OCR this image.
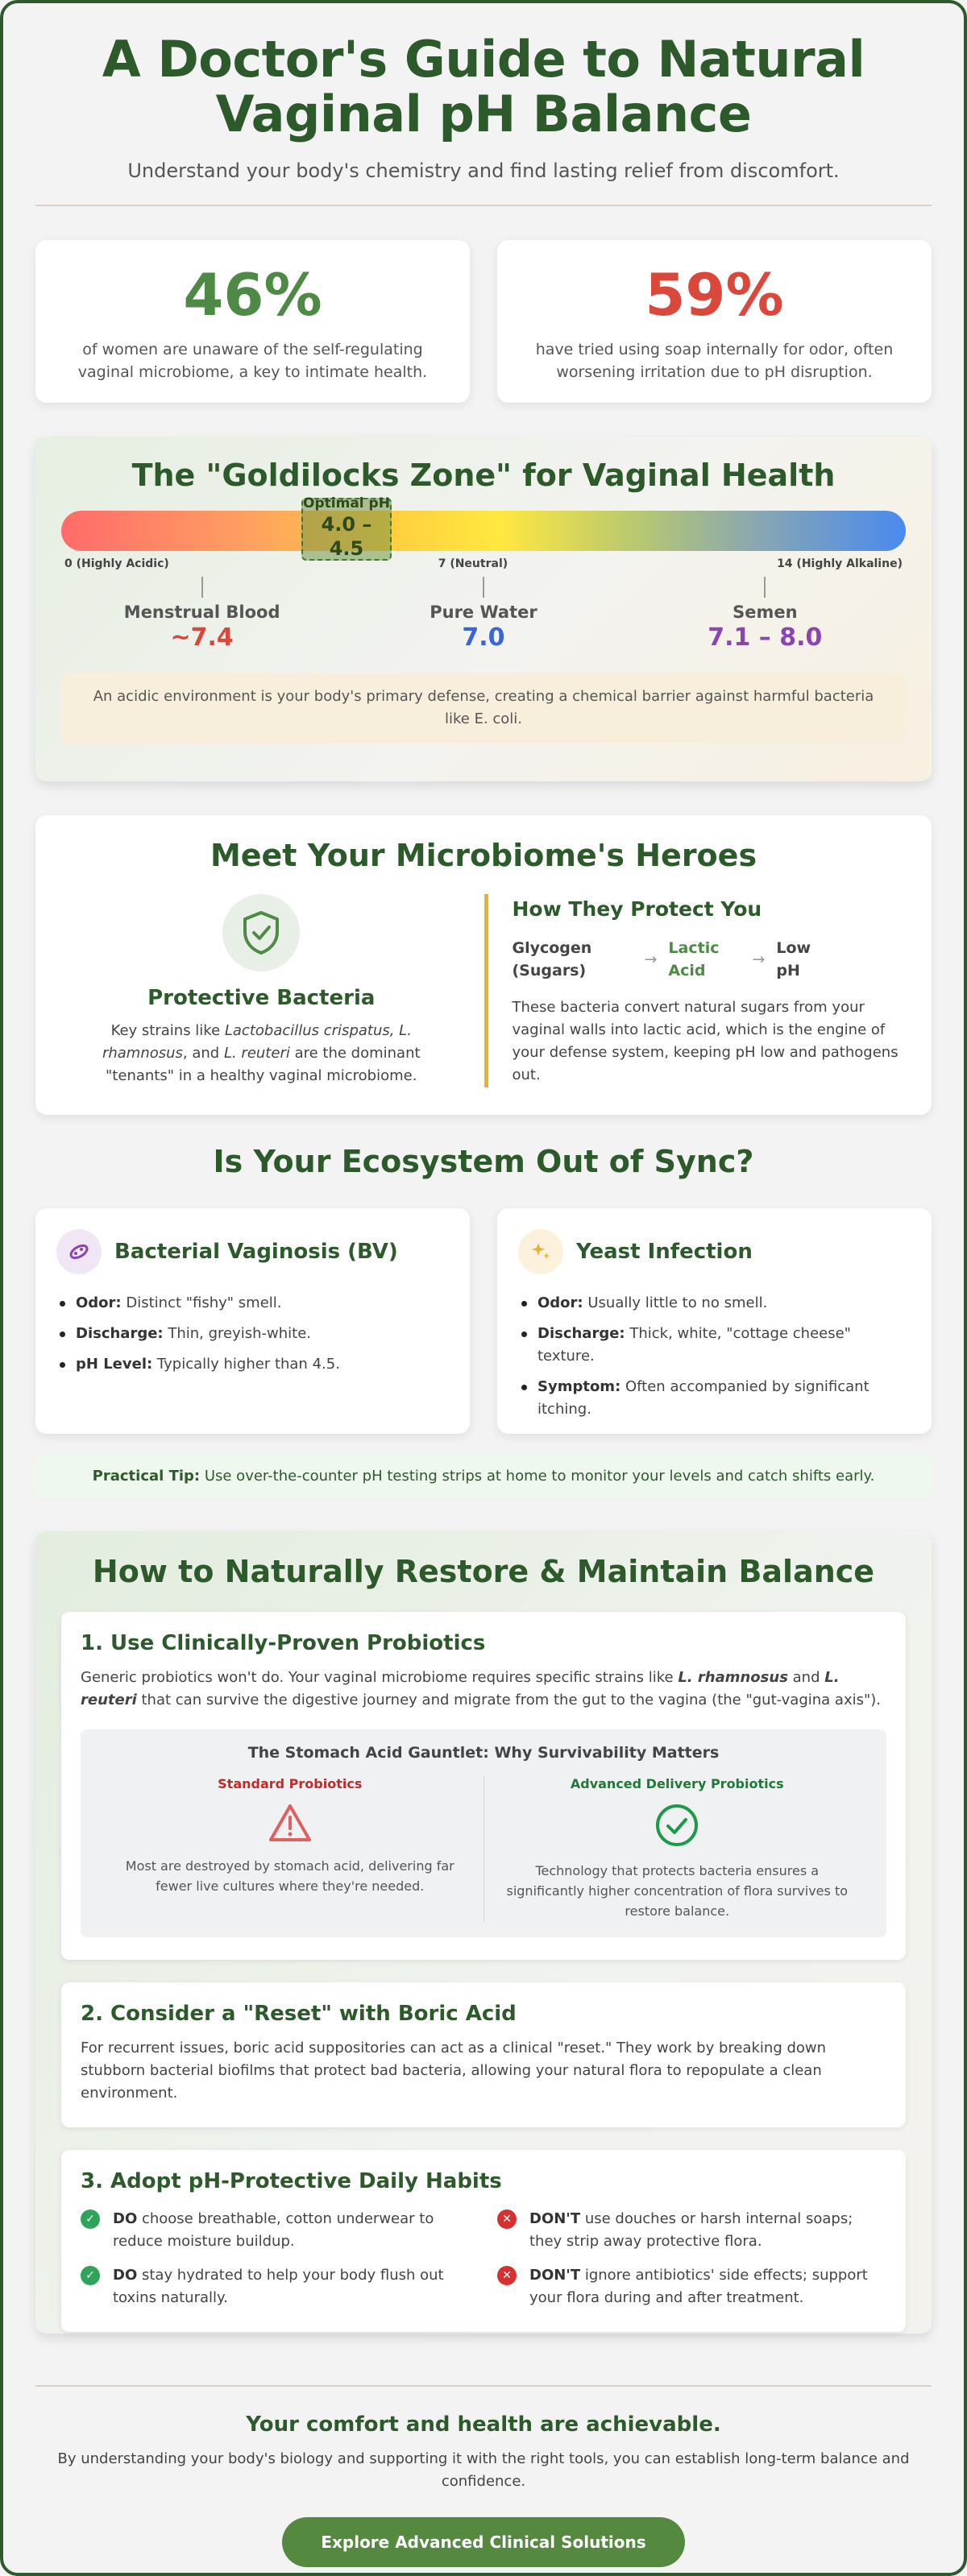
A Doctor's Guide to Natural Vaginal pH Balance

Understand your body's chemistry and find lasting relief from discomfort.

46%
of women are unaware of the self-regulating vaginal microbiome, a key to intimate health.
59%
have tried using soap internally for odor, often worsening irritation due to pH disruption.
The "Goldilocks Zone" for Vaginal Health
Optimal pH
4.0 – 4.5
0 (Highly Acidic)	7 (Neutral)	14 (Highly Alkaline)
Menstrual Blood
~7.4
Pure Water
7.0
Semen
7.1 – 8.0
An acidic environment is your body's primary defense, creating a chemical barrier against harmful bacteria like E. coli.
Meet Your Microbiome's Heroes
Protective Bacteria

Key strains like Lactobacillus crispatus, L. rhamnosus, and L. reuteri are the dominant "tenants" in a healthy vaginal microbiome.

How They Protect You
Glycogen (Sugars)
→
Lactic Acid
→
Low pH

These bacteria convert natural sugars from your vaginal walls into lactic acid, which is the engine of your defense system, keeping pH low and pathogens out.

Is Your Ecosystem Out of Sync?
Bacterial Vaginosis (BV)
Odor: Distinct "fishy" smell.
Discharge: Thin, greyish-white.
pH Level: Typically higher than 4.5.
Yeast Infection
Odor: Usually little to no smell.
Discharge: Thick, white, "cottage cheese" texture.
Symptom: Often accompanied by significant itching.
Practical Tip: Use over-the-counter pH testing strips at home to monitor your levels and catch shifts early.
How to Naturally Restore & Maintain Balance
1. Use Clinically-Proven Probiotics

Generic probiotics won't do. Your vaginal microbiome requires specific strains like L. rhamnosus and L. reuteri that can survive the digestive journey and migrate from the gut to the vagina (the "gut-vagina axis").

The Stomach Acid Gauntlet: Why Survivability Matters
Standard Probiotics
Most are destroyed by stomach acid, delivering far fewer live cultures where they're needed.
Advanced Delivery Probiotics
Technology that protects bacteria ensures a significantly higher concentration of flora survives to restore balance.
2. Consider a "Reset" with Boric Acid

For recurrent issues, boric acid suppositories can act as a clinical "reset." They work by breaking down stubborn bacterial biofilms that protect bad bacteria, allowing your natural flora to repopulate a clean environment.

3. Adopt pH-Protective Daily Habits
✓	DO choose breathable, cotton underwear to reduce moisture buildup.
✕	DON'T use douches or harsh internal soaps; they strip away protective flora.
✓	DO stay hydrated to help your body flush out toxins naturally.
✕	DON'T ignore antibiotics' side effects; support your flora during and after treatment.
Your comfort and health are achievable.

By understanding your body's biology and supporting it with the right tools, you can establish long-term balance and confidence.

Explore Advanced Clinical Solutions
